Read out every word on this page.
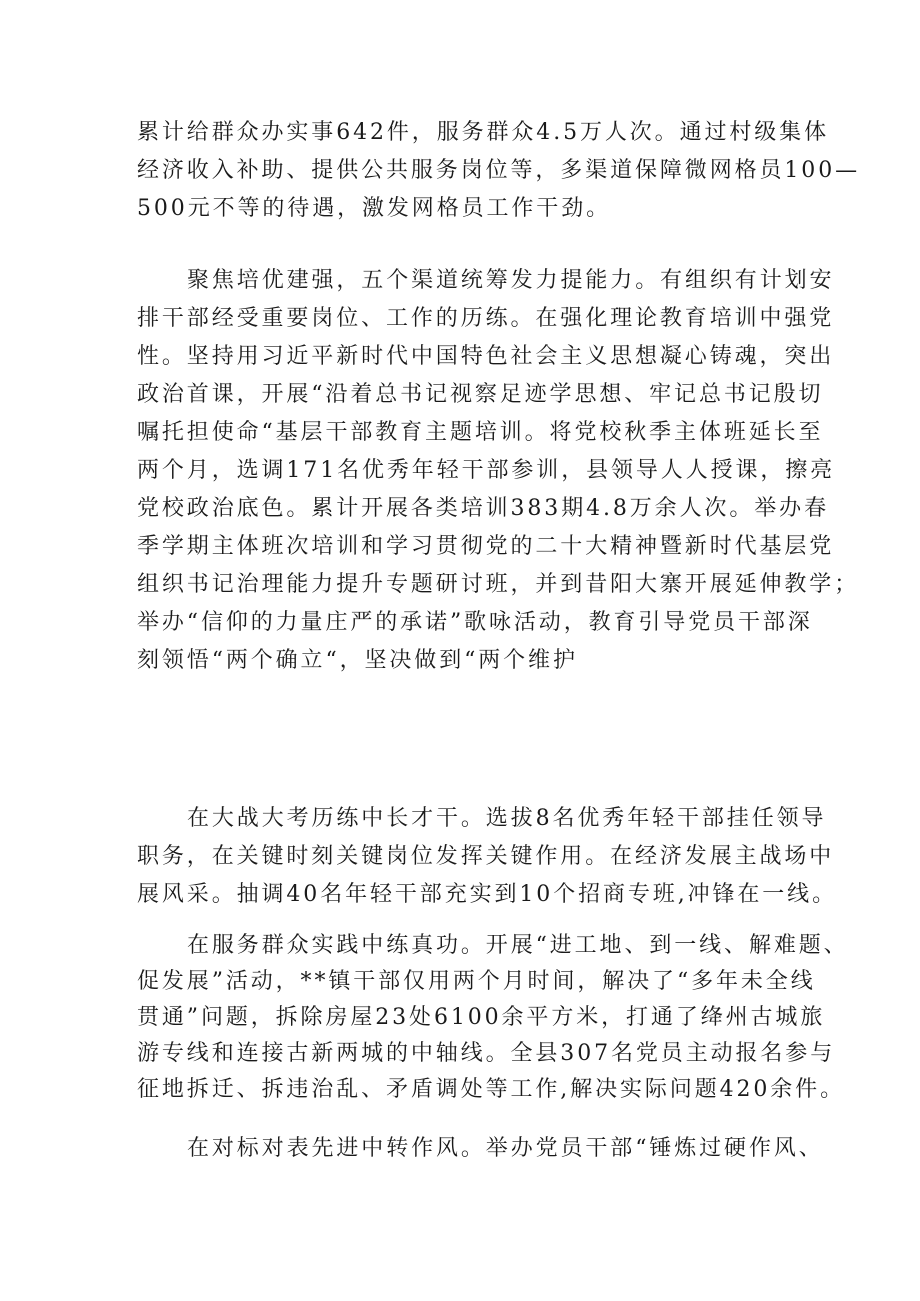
累计给群众办实事642件，服务群众4.5万人次。通过村级集体
经济收入补助、提供公共服务岗位等，多渠道保障微网格员100—
500元不等的待遇，激发网格员工作干劲。

聚焦培优建强，五个渠道统筹发力提能力。有组织有计划安
排干部经受重要岗位、工作的历练。在强化理论教育培训中强党
性。坚持用习近平新时代中国特色社会主义思想凝心铸魂，突出
政治首课，开展“沿着总书记视察足迹学思想、牢记总书记殷切
嘱托担使命“基层干部教育主题培训。将党校秋季主体班延长至
两个月，选调171名优秀年轻干部参训，县领导人人授课，擦亮
党校政治底色。累计开展各类培训383期4.8万余人次。举办春
季学期主体班次培训和学习贯彻党的二十大精神暨新时代基层党
组织书记治理能力提升专题研讨班，并到昔阳大寨开展延伸教学；
举办“信仰的力量庄严的承诺”歌咏活动，教育引导党员干部深
刻领悟“两个确立“，坚决做到“两个维护

在大战大考历练中长才干。选拔8名优秀年轻干部挂任领导
职务，在关键时刻关键岗位发挥关键作用。在经济发展主战场中
展风采。抽调40名年轻干部充实到10个招商专班,冲锋在一线。

在服务群众实践中练真功。开展“进工地、到一线、解难题、
促发展”活动，**镇干部仅用两个月时间，解决了“多年未全线
贯通”问题，拆除房屋23处6100余平方米，打通了绛州古城旅
游专线和连接古新两城的中轴线。全县307名党员主动报名参与
征地拆迁、拆违治乱、矛盾调处等工作,解决实际问题420余件。

在对标对表先进中转作风。举办党员干部“锤炼过硬作风、
